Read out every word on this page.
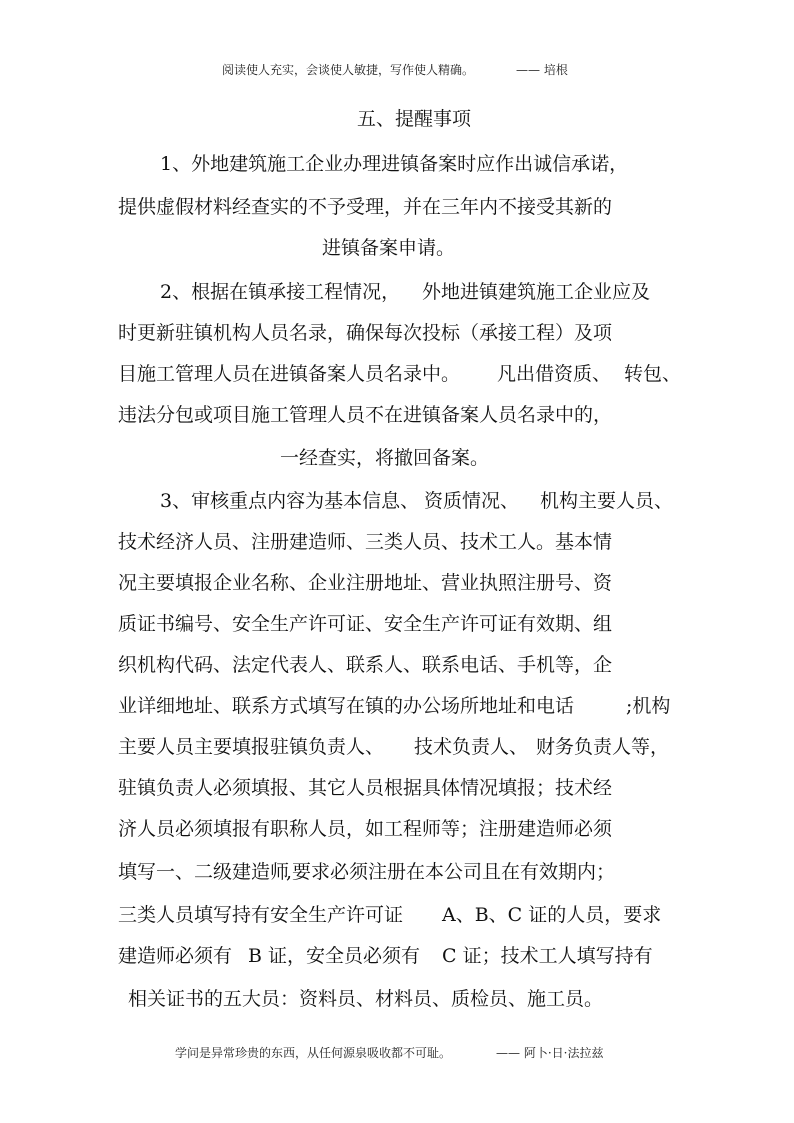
阅读使人充实，会谈使人敏捷，写作使人精确。	—— 培根
五、提醒事项
1、外地建筑施工企业办理进镇备案时应作出诚信承诺，
提供虚假材料经查实的不予受理，并在三年内不接受其新的
进镇备案申请。
2、根据在镇承接工程情况， 外地进镇建筑施工企业应及
时更新驻镇机构人员名录，确保每次投标（承接工程）及项
目施工管理人员在进镇备案人员名录中。 凡出借资质、 转包、
违法分包或项目施工管理人员不在进镇备案人员名录中的，
一经查实，将撤回备案。
3、审核重点内容为基本信息、 资质情况、 机构主要人员、
技术经济人员、注册建造师、三类人员、技术工人。基本情
况主要填报企业名称、企业注册地址、营业执照注册号、资
质证书编号、安全生产许可证、安全生产许可证有效期、组
织机构代码、法定代表人、联系人、联系电话、手机等，企
业详细地址、联系方式填写在镇的办公场所地址和电话	;机构
主要人员主要填报驻镇负责人、 技术负责人、 财务负责人等，
驻镇负责人必须填报、其它人员根据具体情况填报；技术经
济人员必须填报有职称人员，如工程师等；注册建造师必须
填写一、二级建造师
,要求必须注册在本公司且在有效期内；
三类人员填写持有安全生产许可证 A、B、C 证的人员，要求
建造师必须有 B 证，安全员必须有 C 证；技术工人填写持有
相关证书的五大员：资料员、材料员、质检员、施工员。
学问是异常珍贵的东西，从任何源泉吸收都不可耻。	—— 阿卜·日·法拉兹
